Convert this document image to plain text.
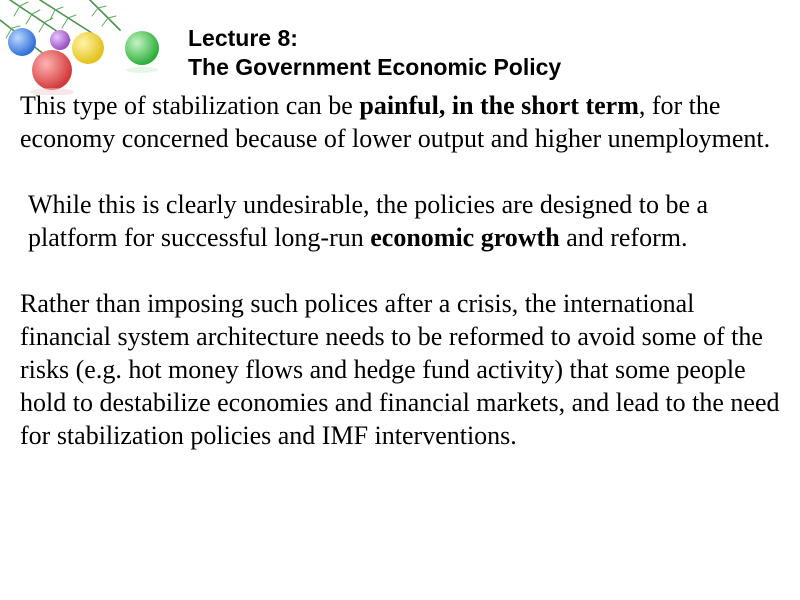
Lecture 8:
The Government Economic Policy

This type of stabilization can be painful, in the short term, for the economy concerned because of lower output and higher unemployment.

While this is clearly undesirable, the policies are designed to be a platform for successful long-run economic growth and reform.

Rather than imposing such polices after a crisis, the international financial system architecture needs to be reformed to avoid some of the risks (e.g. hot money flows and hedge fund activity) that some people hold to destabilize economies and financial markets, and lead to the need for stabilization policies and IMF interventions.
